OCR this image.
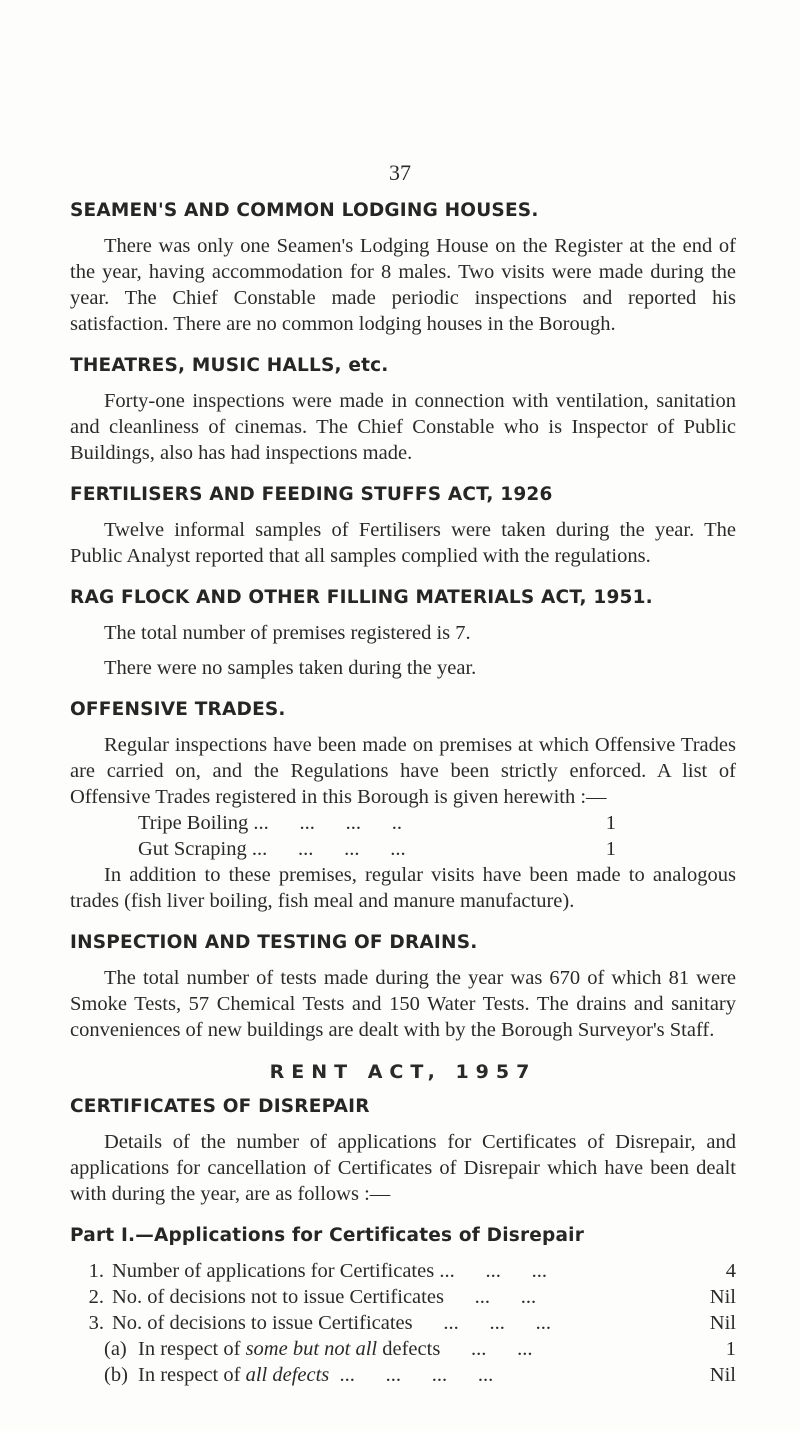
37
SEAMEN'S AND COMMON LODGING HOUSES.

There was only one Seamen's Lodging House on the Register at the end of the year, having accommodation for 8 males. Two visits were made during the year. The Chief Constable made periodic inspections and reported his satisfaction. There are no common lodging houses in the Borough.

THEATRES, MUSIC HALLS, etc.

Forty-one inspections were made in connection with ventilation, sanitation and cleanliness of cinemas. The Chief Constable who is Inspector of Public Buildings, also has had inspections made.

FERTILISERS AND FEEDING STUFFS ACT, 1926

Twelve informal samples of Fertilisers were taken during the year. The Public Analyst reported that all samples complied with the regulations.

RAG FLOCK AND OTHER FILLING MATERIALS ACT, 1951.

The total number of premises registered is 7.

There were no samples taken during the year.

OFFENSIVE TRADES.

Regular inspections have been made on premises at which Offensive Trades are carried on, and the Regulations have been strictly enforced. A list of Offensive Trades registered in this Borough is given herewith :—

Tripe Boiling ...      ...      ...      ..	1
Gut Scraping ...      ...      ...      ...	1

In addition to these premises, regular visits have been made to analogous trades (fish liver boiling, fish meal and manure manufacture).

INSPECTION AND TESTING OF DRAINS.

The total number of tests made during the year was 670 of which 81 were Smoke Tests, 57 Chemical Tests and 150 Water Tests. The drains and sanitary conveniences of new buildings are dealt with by the Borough Surveyor's Staff.

RENT ACT, 1957

CERTIFICATES OF DISREPAIR

Details of the number of applications for Certificates of Disrepair, and applications for cancellation of Certificates of Disrepair which have been dealt with during the year, are as follows :—

Part I.—Applications for Certificates of Disrepair
1. Number of applications for Certificates ...      ...      ...	4
2. No. of decisions not to issue Certificates      ...      ...	Nil
3. No. of decisions to issue Certificates      ...      ...      ...	Nil
(a) In respect of some but not all defects      ...      ...	1
(b) In respect of all defects  ...      ...      ...      ...	Nil
